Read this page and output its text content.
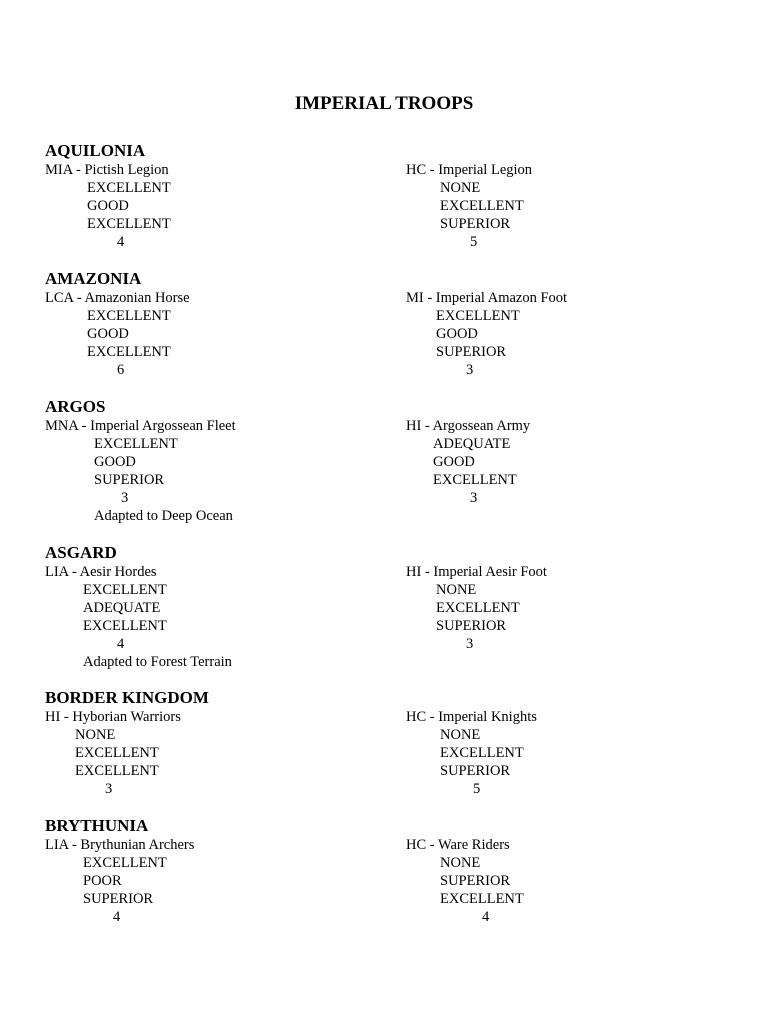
IMPERIAL TROOPS
AQUILONIA
MIA - Pictish Legion
EXCELLENT
GOOD
EXCELLENT
4
HC - Imperial Legion
NONE
EXCELLENT
SUPERIOR
5
AMAZONIA
LCA - Amazonian Horse
EXCELLENT
GOOD
EXCELLENT
6
MI - Imperial Amazon Foot
EXCELLENT
GOOD
SUPERIOR
3
ARGOS
MNA - Imperial Argossean Fleet
EXCELLENT
GOOD
SUPERIOR
3
Adapted to Deep Ocean
HI - Argossean Army
ADEQUATE
GOOD
EXCELLENT
3
ASGARD
LIA - Aesir Hordes
EXCELLENT
ADEQUATE
EXCELLENT
4
Adapted to Forest Terrain
HI - Imperial Aesir Foot
NONE
EXCELLENT
SUPERIOR
3
BORDER KINGDOM
HI - Hyborian Warriors
NONE
EXCELLENT
EXCELLENT
3
HC - Imperial Knights
NONE
EXCELLENT
SUPERIOR
5
BRYTHUNIA
LIA - Brythunian Archers
EXCELLENT
POOR
SUPERIOR
4
HC - Ware Riders
NONE
SUPERIOR
EXCELLENT
4
